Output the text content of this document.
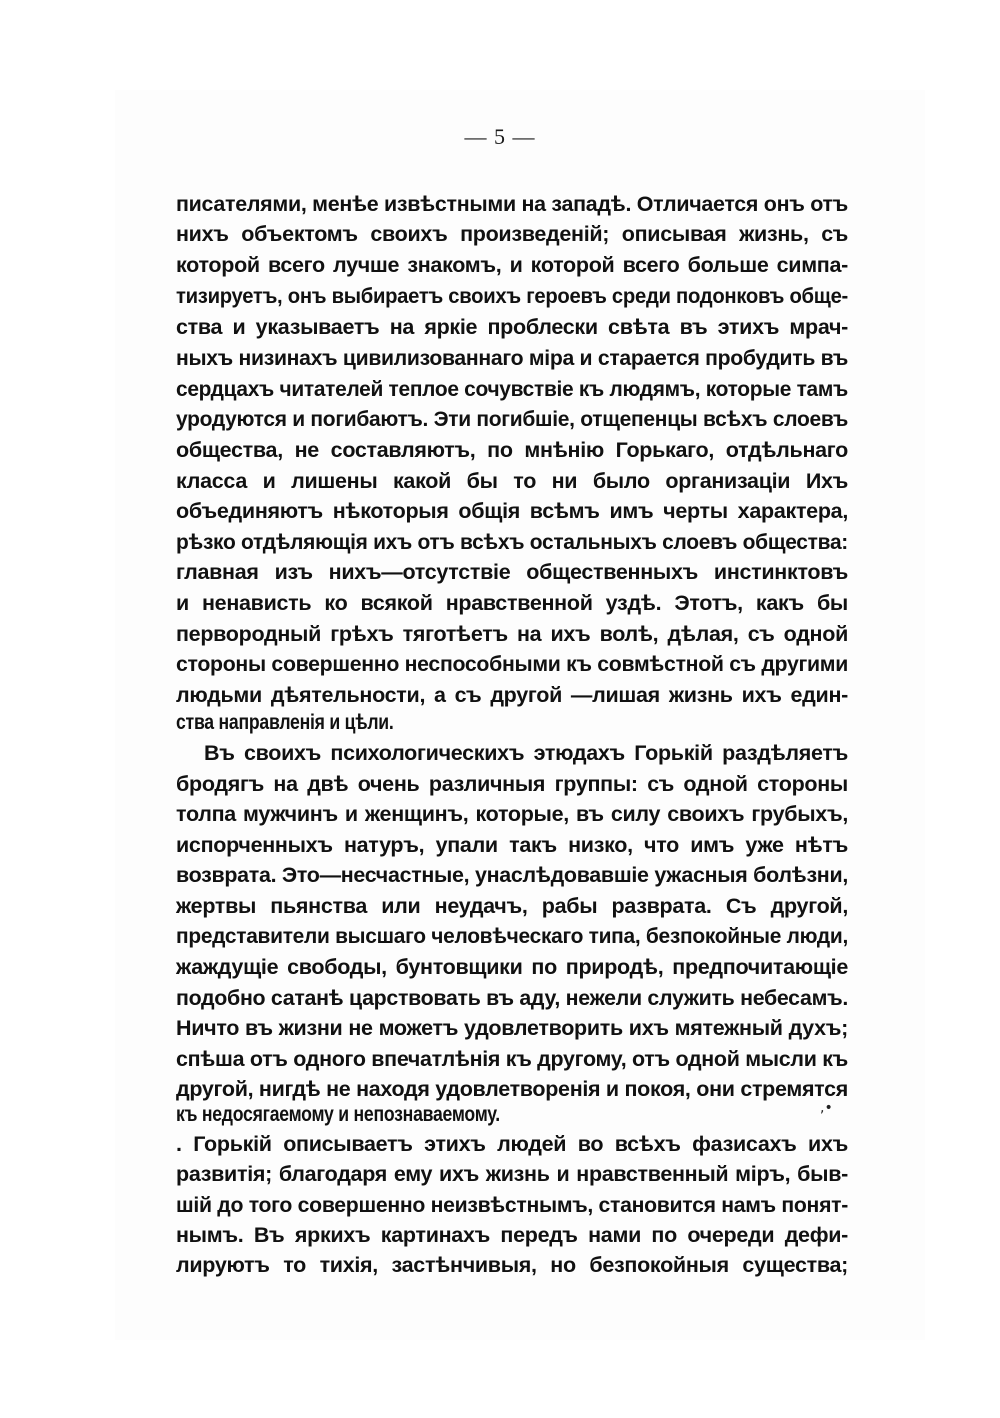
— 5 —
писателями, менѣе извѣстными на западѣ. Отличается онъ отъ
нихъ объектомъ своихъ произведеній; описывая жизнь, съ
которой всего лучше знакомъ, и которой всего больше симпа-
тизируетъ, онъ выбираетъ своихъ героевъ среди подонковъ обще-
ства и указываетъ на яркіе проблески свѣта въ этихъ мрач-
ныхъ низинахъ цивилизованнаго міра и старается пробудить въ
сердцахъ читателей теплое сочувствіе къ людямъ, которые тамъ
уродуются и погибаютъ. Эти погибшіе, отщепенцы всѣхъ слоевъ
общества, не составляютъ, по мнѣнію Горькаго, отдѣльнаго
класса и лишены какой бы то ни было организаціи Ихъ
объединяютъ нѣкоторыя общія всѣмъ имъ черты характера,
рѣзко отдѣляющія ихъ отъ всѣхъ остальныхъ слоевъ общества:
главная изъ нихъ—отсутствіе общественныхъ инстинктовъ
и ненависть ко всякой нравственной уздѣ. Этотъ, какъ бы
первородный грѣхъ тяготѣетъ на ихъ волѣ, дѣлая, съ одной
стороны совершенно неспособными къ совмѣстной съ другими
людьми дѣятельности, а съ другой —лишая жизнь ихъ един-
ства направленія и цѣли.
Въ своихъ психологическихъ этюдахъ Горькій раздѣляетъ
бродягъ на двѣ очень различныя группы: съ одной стороны
толпа мужчинъ и женщинъ, которые, въ силу своихъ грубыхъ,
испорченныхъ натуръ, упали такъ низко, что имъ уже нѣтъ
возврата. Это—несчастные, унаслѣдовавшіе ужасныя болѣзни,
жертвы пьянства или неудачъ, рабы разврата. Съ другой,
представители высшаго человѣческаго типа, безпокойные люди,
жаждущіе свободы, бунтовщики по природѣ, предпочитающіе
подобно сатанѣ царствовать въ аду, нежели служить небесамъ.
Ничто въ жизни не можетъ удовлетворить ихъ мятежный духъ;
спѣша отъ одного впечатлѣнія къ другому, отъ одной мысли къ
другой, нигдѣ не находя удовлетворенія и покоя, они стремятся
къ недосягаемому и непознаваемому.
. Горькій описываетъ этихъ людей во всѣхъ фазисахъ ихъ
развитія; благодаря ему ихъ жизнь и нравственный міръ, быв-
шій до того совершенно неизвѣстнымъ, становится намъ понят-
нымъ. Въ яркихъ картинахъ передъ нами по очереди дефи-
лируютъ то тихія, застѣнчивыя, но безпокойныя существа;
,•
